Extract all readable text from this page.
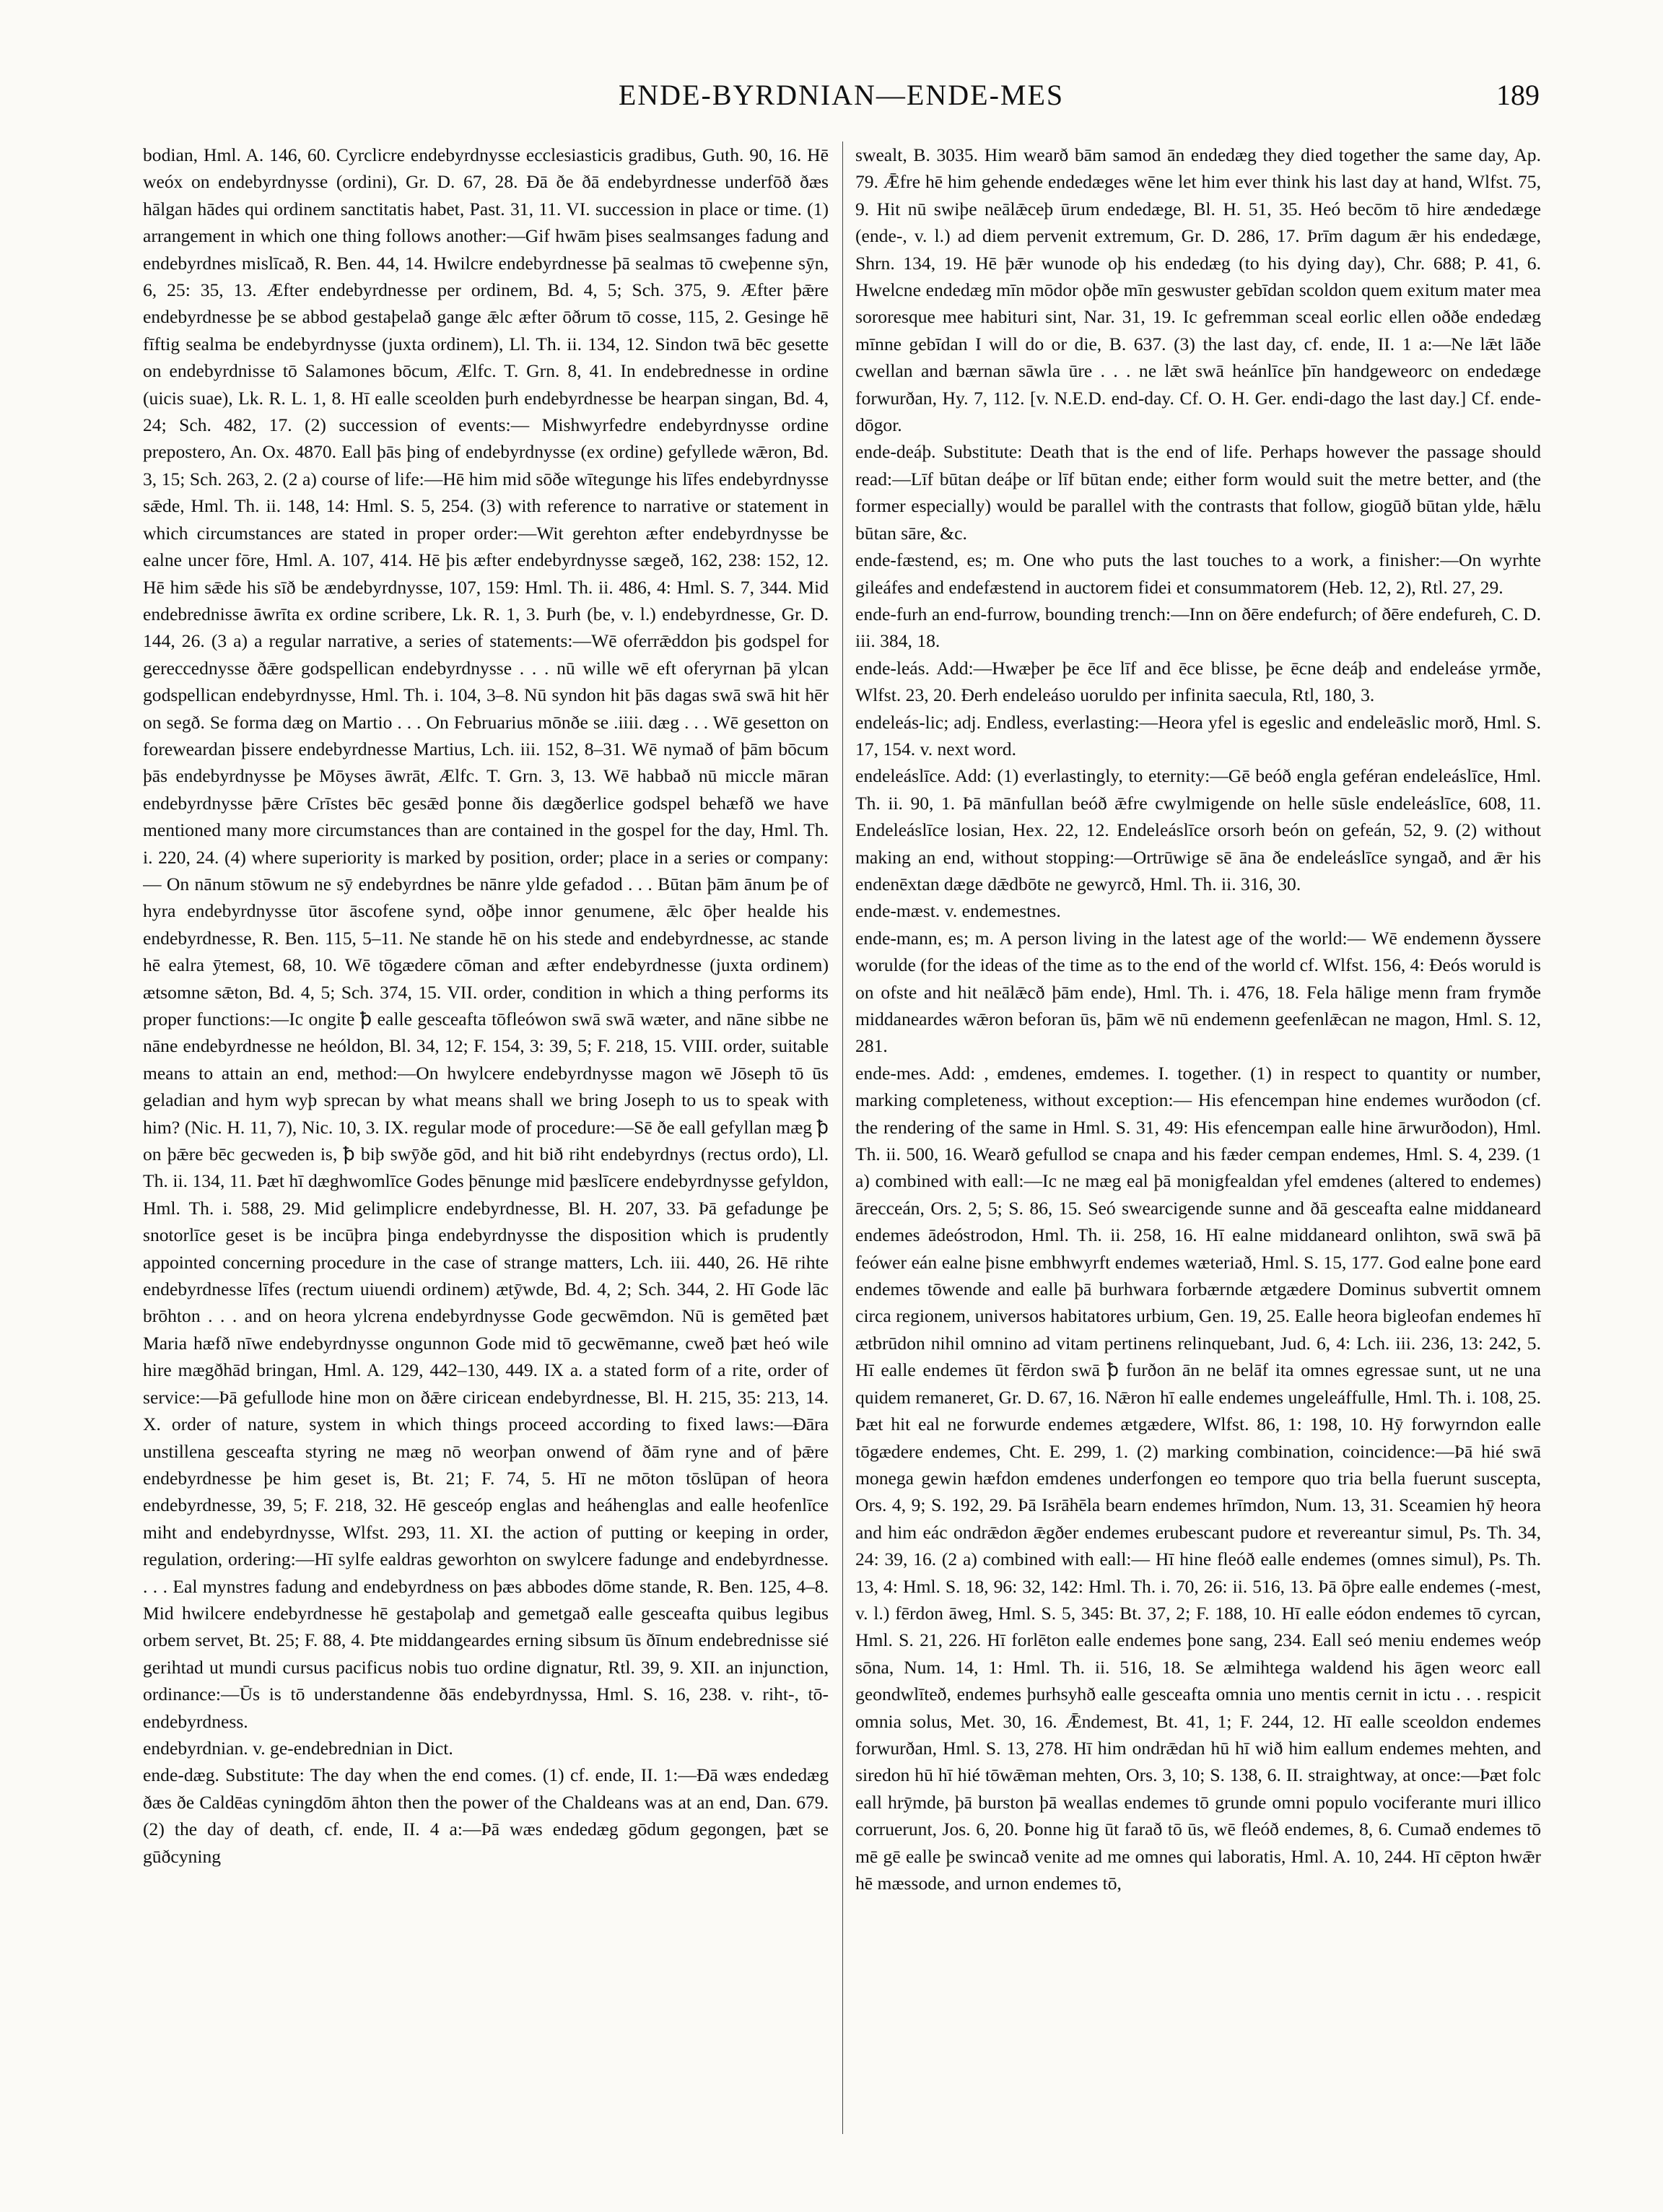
ENDE-BYRDNIAN—ENDE-MES	189

bodian, Hml. A. 146, 60. Cyrclicre endebyrdnysse ecclesiasticis gradibus, Guth. 90, 16. Hē weóx on endebyrdnysse (ordini), Gr. D. 67, 28. Ðā ðe ðā endebyrdnesse underfōð ðæs hālgan hādes qui ordinem sanctitatis habet, Past. 31, 11. VI. succession in place or time. (1) arrangement in which one thing follows another:—Gif hwām þises sealmsanges fadung and endebyrdnes mislīcað, R. Ben. 44, 14. Hwilcre endebyrdnesse þā sealmas tō cweþenne sȳn, 6, 25: 35, 13. Æfter endebyrdnesse per ordinem, Bd. 4, 5; Sch. 375, 9. Æfter þǣre endebyrdnesse þe se abbod gestaþelað gange ǣlc æfter ōðrum tō cosse, 115, 2. Gesinge hē fīftig sealma be endebyrdnysse (juxta ordinem), Ll. Th. ii. 134, 12. Sindon twā bēc gesette on endebyrdnisse tō Salamones bōcum, Ælfc. T. Grn. 8, 41. In endebrednesse in ordine (uicis suae), Lk. R. L. 1, 8. Hī ealle sceolden þurh endebyrdnesse be hearpan singan, Bd. 4, 24; Sch. 482, 17. (2) succession of events:— Mishwyrfedre endebyrdnysse ordine prepostero, An. Ox. 4870. Eall þās þing of endebyrdnysse (ex ordine) gefyllede wǣron, Bd. 3, 15; Sch. 263, 2. (2 a) course of life:—Hē him mid sōðe wītegunge his līfes endebyrdnysse sǣde, Hml. Th. ii. 148, 14: Hml. S. 5, 254. (3) with reference to narrative or statement in which circumstances are stated in proper order:—Wit gerehton æfter endebyrdnysse be ealne uncer fōre, Hml. A. 107, 414. Hē þis æfter endebyrdnysse sægeð, 162, 238: 152, 12. Hē him sǣde his sīð be ændebyrdnysse, 107, 159: Hml. Th. ii. 486, 4: Hml. S. 7, 344. Mid endebrednisse āwrīta ex ordine scribere, Lk. R. 1, 3. Þurh (be, v. l.) endebyrdnesse, Gr. D. 144, 26. (3 a) a regular narrative, a series of statements:—Wē oferrǣddon þis godspel for gereccednysse ðǣre godspellican endebyrdnysse . . . nū wille wē eft oferyrnan þā ylcan godspellican endebyrdnysse, Hml. Th. i. 104, 3–8. Nū syndon hit þās dagas swā swā hit hēr on segð. Se forma dæg on Martio . . . On Februarius mōnðe se .iiii. dæg . . . Wē gesetton on foreweardan þissere endebyrdnesse Martius, Lch. iii. 152, 8–31. Wē nymað of þām bōcum þās endebyrdnysse þe Mōyses āwrāt, Ælfc. T. Grn. 3, 13. Wē habbað nū miccle māran endebyrdnysse þǣre Crīstes bēc gesǣd þonne ðis dægðerlice godspel behæfð we have mentioned many more circumstances than are contained in the gospel for the day, Hml. Th. i. 220, 24. (4) where superiority is marked by position, order; place in a series or company:— On nānum stōwum ne sȳ endebyrdnes be nānre ylde gefadod . . . Būtan þām ānum þe of hyra endebyrdnysse ūtor āscofene synd, oðþe innor genumene, ǣlc ōþer healde his endebyrdnesse, R. Ben. 115, 5–11. Ne stande hē on his stede and endebyrdnesse, ac stande hē ealra ȳtemest, 68, 10. Wē tōgædere cōman and æfter endebyrdnesse (juxta ordinem) ætsomne sǣton, Bd. 4, 5; Sch. 374, 15. VII. order, condition in which a thing performs its proper functions:—Ic ongite ꝥ ealle gesceafta tōfleówon swā swā wæter, and nāne sibbe ne nāne endebyrdnesse ne heóldon, Bl. 34, 12; F. 154, 3: 39, 5; F. 218, 15. VIII. order, suitable means to attain an end, method:—On hwylcere endebyrdnysse magon wē Jōseph tō ūs geladian and hym wyþ sprecan by what means shall we bring Joseph to us to speak with him? (Nic. H. 11, 7), Nic. 10, 3. IX. regular mode of procedure:—Sē ðe eall gefyllan mæg ꝥ on þǣre bēc gecweden is, ꝥ biþ swȳðe gōd, and hit bið riht endebyrdnys (rectus ordo), Ll. Th. ii. 134, 11. Þæt hī dæghwomlīce Godes þēnunge mid þæslīcere endebyrdnysse gefyldon, Hml. Th. i. 588, 29. Mid gelimplicre endebyrdnesse, Bl. H. 207, 33. Þā gefadunge þe snotorlīce geset is be incūþra þinga endebyrdnysse the disposition which is prudently appointed concerning procedure in the case of strange matters, Lch. iii. 440, 26. Hē rihte endebyrdnesse līfes (rectum uiuendi ordinem) ætȳwde, Bd. 4, 2; Sch. 344, 2. Hī Gode lāc brōhton . . . and on heora ylcrena endebyrdnysse Gode gecwēmdon. Nū is gemēted þæt Maria hæfð nīwe endebyrdnysse ongunnon Gode mid tō gecwēmanne, cweð þæt heó wile hire mægðhād bringan, Hml. A. 129, 442–130, 449. IX a. a stated form of a rite, order of service:—Þā gefullode hine mon on ðǣre ciricean endebyrdnesse, Bl. H. 215, 35: 213, 14. X. order of nature, system in which things proceed according to fixed laws:—Ðāra unstillena gesceafta styring ne mæg nō weorþan onwend of ðām ryne and of þǣre endebyrdnesse þe him geset is, Bt. 21; F. 74, 5. Hī ne mōton tōslūpan of heora endebyrdnesse, 39, 5; F. 218, 32. Hē gesceóp englas and heáhenglas and ealle heofenlīce miht and endebyrdnysse, Wlfst. 293, 11. XI. the action of putting or keeping in order, regulation, ordering:—Hī sylfe ealdras geworhton on swylcere fadunge and endebyrdnesse. . . . Eal mynstres fadung and endebyrdness on þæs abbodes dōme stande, R. Ben. 125, 4–8. Mid hwilcere endebyrdnesse hē gestaþolaþ and gemetgað ealle gesceafta quibus legibus orbem servet, Bt. 25; F. 88, 4. Þte middangeardes erning sibsum ūs ðīnum endebrednisse sié gerihtad ut mundi cursus pacificus nobis tuo ordine dignatur, Rtl. 39, 9. XII. an injunction, ordinance:—Ūs is tō understandenne ðās endebyrdnyssa, Hml. S. 16, 238. v. riht-, tō-endebyrdness.

endebyrdnian. v. ge-endebrednian in Dict.

ende-dæg. Substitute: The day when the end comes. (1) cf. ende, II. 1:—Ðā wæs endedæg ðæs ðe Caldēas cyningdōm āhton then the power of the Chaldeans was at an end, Dan. 679. (2) the day of death, cf. ende, II. 4 a:—Þā wæs endedæg gōdum gegongen, þæt se gūðcyning

swealt, B. 3035. Him wearð bām samod ān endedæg they died together the same day, Ap. 79. Ǣfre hē him gehende endedæges wēne let him ever think his last day at hand, Wlfst. 75, 9. Hit nū swiþe neālǣceþ ūrum endedæge, Bl. H. 51, 35. Heó becōm tō hire ændedæge (ende-, v. l.) ad diem pervenit extremum, Gr. D. 286, 17. Þrīm dagum ǣr his endedæge, Shrn. 134, 19. Hē þǣr wunode oþ his endedæg (to his dying day), Chr. 688; P. 41, 6. Hwelcne endedæg mīn mōdor oþðe mīn geswuster gebīdan scoldon quem exitum mater mea sororesque mee habituri sint, Nar. 31, 19. Ic gefremman sceal eorlic ellen oððe endedæg mīnne gebīdan I will do or die, B. 637. (3) the last day, cf. ende, II. 1 a:—Ne lǣt lāðe cwellan and bærnan sāwla ūre . . . ne lǣt swā heánlīce þīn handgeweorc on endedæge forwurðan, Hy. 7, 112. [v. N.E.D. end-day. Cf. O. H. Ger. endi-dago the last day.] Cf. ende-dōgor.

ende-deáþ. Substitute: Death that is the end of life. Perhaps however the passage should read:—Līf būtan deáþe or līf būtan ende; either form would suit the metre better, and (the former especially) would be parallel with the contrasts that follow, giogūð būtan ylde, hǣlu būtan sāre, &c.

ende-fæstend, es; m. One who puts the last touches to a work, a finisher:—On wyrhte gileáfes and endefæstend in auctorem fidei et consummatorem (Heb. 12, 2), Rtl. 27, 29.

ende-furh an end-furrow, bounding trench:—Inn on ðēre endefurch; of ðēre endefureh, C. D. iii. 384, 18.

ende-leás. Add:—Hwæþer þe ēce līf and ēce blisse, þe ēcne deáþ and endeleáse yrmðe, Wlfst. 23, 20. Ðerh endeleáso uoruldo per infinita saecula, Rtl, 180, 3.

endeleás-lic; adj. Endless, everlasting:—Heora yfel is egeslic and endeleāslic morð, Hml. S. 17, 154. v. next word.

endeleáslīce. Add: (1) everlastingly, to eternity:—Gē beóð engla geféran endeleáslīce, Hml. Th. ii. 90, 1. Þā mānfullan beóð ǣfre cwylmigende on helle sūsle endeleáslīce, 608, 11. Endeleáslīce losian, Hex. 22, 12. Endeleáslīce orsorh beón on gefeán, 52, 9. (2) without making an end, without stopping:—Ortrūwige sē āna ðe endeleáslīce syngað, and ǣr his endenēxtan dæge dǣdbōte ne gewyrcð, Hml. Th. ii. 316, 30.

ende-mæst. v. endemestnes.

ende-mann, es; m. A person living in the latest age of the world:— Wē endemenn ðyssere worulde (for the ideas of the time as to the end of the world cf. Wlfst. 156, 4: Ðeós woruld is on ofste and hit neālǣcð þām ende), Hml. Th. i. 476, 18. Fela hālige menn fram frymðe middaneardes wǣron beforan ūs, þām wē nū endemenn geefenlǣcan ne magon, Hml. S. 12, 281.

ende-mes. Add: , emdenes, emdemes. I. together. (1) in respect to quantity or number, marking completeness, without exception:— His efencempan hine endemes wurðodon (cf. the rendering of the same in Hml. S. 31, 49: His efencempan ealle hine ārwurðodon), Hml. Th. ii. 500, 16. Wearð gefullod se cnapa and his fæder cempan endemes, Hml. S. 4, 239. (1 a) combined with eall:—Ic ne mæg eal þā monigfealdan yfel emdenes (altered to endemes) ārecceán, Ors. 2, 5; S. 86, 15. Seó swearcigende sunne and ðā gesceafta ealne middaneard endemes ādeóstrodon, Hml. Th. ii. 258, 16. Hī ealne middaneard onlihton, swā swā þā feówer eán ealne þisne embhwyrft endemes wæteriað, Hml. S. 15, 177. God ealne þone eard endemes tōwende and ealle þā burhwara forbærnde ætgædere Dominus subvertit omnem circa regionem, universos habitatores urbium, Gen. 19, 25. Ealle heora bigleofan endemes hī ætbrūdon nihil omnino ad vitam pertinens relinquebant, Jud. 6, 4: Lch. iii. 236, 13: 242, 5. Hī ealle endemes ūt fērdon swā ꝥ furðon ān ne belāf ita omnes egressae sunt, ut ne una quidem remaneret, Gr. D. 67, 16. Nǣron hī ealle endemes ungeleáffulle, Hml. Th. i. 108, 25. Þæt hit eal ne forwurde endemes ætgædere, Wlfst. 86, 1: 198, 10. Hȳ forwyrndon ealle tōgædere endemes, Cht. E. 299, 1. (2) marking combination, coincidence:—Þā hié swā monega gewin hæfdon emdenes underfongen eo tempore quo tria bella fuerunt suscepta, Ors. 4, 9; S. 192, 29. Þā Isrāhēla bearn endemes hrīmdon, Num. 13, 31. Sceamien hȳ heora and him eác ondrǣdon ǣgðer endemes erubescant pudore et revereantur simul, Ps. Th. 34, 24: 39, 16. (2 a) combined with eall:— Hī hine fleóð ealle endemes (omnes simul), Ps. Th. 13, 4: Hml. S. 18, 96: 32, 142: Hml. Th. i. 70, 26: ii. 516, 13. Þā ōþre ealle endemes (-mest, v. l.) fērdon āweg, Hml. S. 5, 345: Bt. 37, 2; F. 188, 10. Hī ealle eódon endemes tō cyrcan, Hml. S. 21, 226. Hī forlēton ealle endemes þone sang, 234. Eall seó meniu endemes weóp sōna, Num. 14, 1: Hml. Th. ii. 516, 18. Se ælmihtega waldend his āgen weorc eall geondwlīteð, endemes þurhsyhð ealle gesceafta omnia uno mentis cernit in ictu . . . respicit omnia solus, Met. 30, 16. Ǣndemest, Bt. 41, 1; F. 244, 12. Hī ealle sceoldon endemes forwurðan, Hml. S. 13, 278. Hī him ondrǣdan hū hī wið him eallum endemes mehten, and siredon hū hī hié tōwǣman mehten, Ors. 3, 10; S. 138, 6. II. straightway, at once:—Þæt folc eall hrȳmde, þā burston þā weallas endemes tō grunde omni populo vociferante muri illico corruerunt, Jos. 6, 20. Þonne hig ūt farað tō ūs, wē fleóð endemes, 8, 6. Cumað endemes tō mē gē ealle þe swincað venite ad me omnes qui laboratis, Hml. A. 10, 244. Hī cēpton hwǣr hē mæssode, and urnon endemes tō,
